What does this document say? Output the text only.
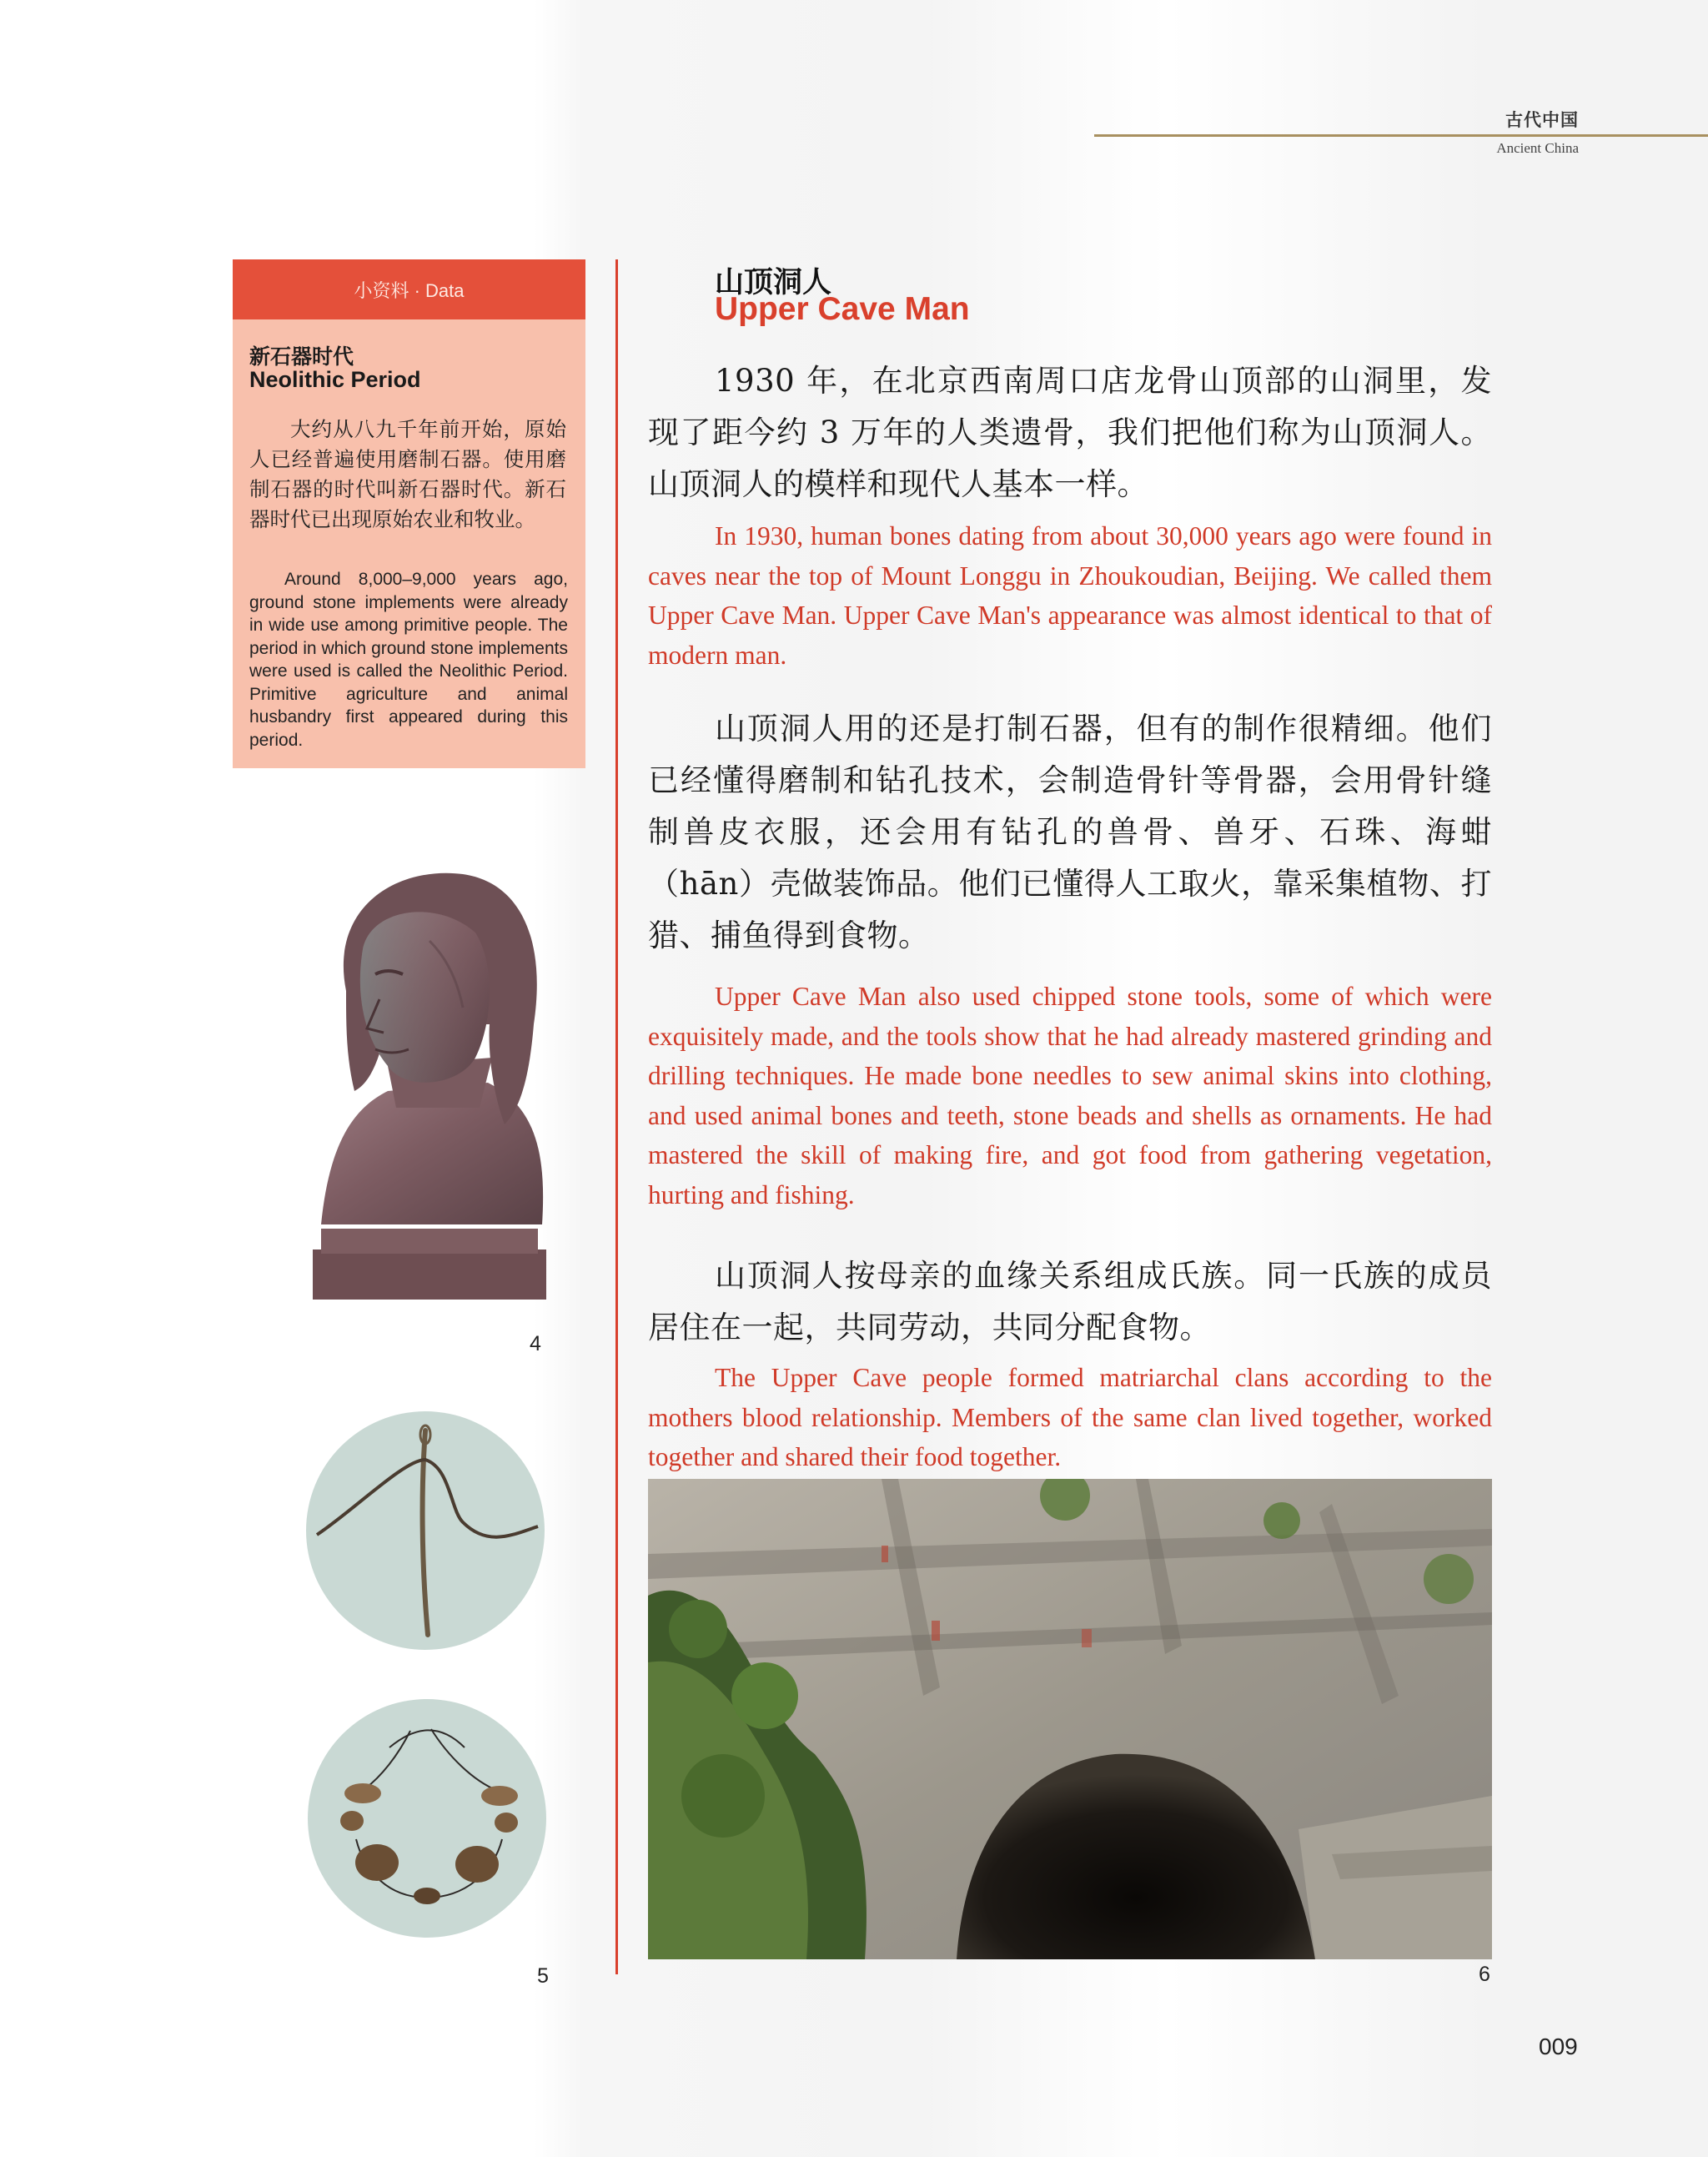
古代中国
Ancient China
小资料 · Data
新石器时代
Neolithic Period
大约从八九千年前开始，原始人已经普遍使用磨制石器。使用磨制石器的时代叫新石器时代。新石器时代已出现原始农业和牧业。
Around 8,000–9,000 years ago, ground stone implements were already in wide use among primitive people. The period in which ground stone implements were used is called the Neolithic Period. Primitive agriculture and animal husbandry first appeared during this period.
4
5
山顶洞人
Upper Cave Man
1930 年，在北京西南周口店龙骨山顶部的山洞里，发现了距今约 3 万年的人类遗骨，我们把他们称为山顶洞人。山顶洞人的模样和现代人基本一样。
In 1930, human bones dating from about 30,000 years ago were found in caves near the top of Mount Longgu in Zhoukoudian, Beijing. We called them Upper Cave Man. Upper Cave Man's appearance was almost identical to that of modern man.
山顶洞人用的还是打制石器，但有的制作很精细。他们已经懂得磨制和钻孔技术，会制造骨针等骨器，会用骨针缝制兽皮衣服，还会用有钻孔的兽骨、兽牙、石珠、海蚶（hān）壳做装饰品。他们已懂得人工取火，靠采集植物、打猎、捕鱼得到食物。
Upper Cave Man also used chipped stone tools, some of which were exquisitely made, and the tools show that he had already mastered grinding and drilling techniques. He made bone needles to sew animal skins into clothing, and used animal bones and teeth, stone beads and shells as ornaments. He had mastered the skill of making fire, and got food from gathering vegetation, hurting and fishing.
山顶洞人按母亲的血缘关系组成氏族。同一氏族的成员居住在一起，共同劳动，共同分配食物。
The Upper Cave people formed matriarchal clans according to the mothers blood relationship. Members of the same clan lived together, worked together and shared their food together.
6
009
